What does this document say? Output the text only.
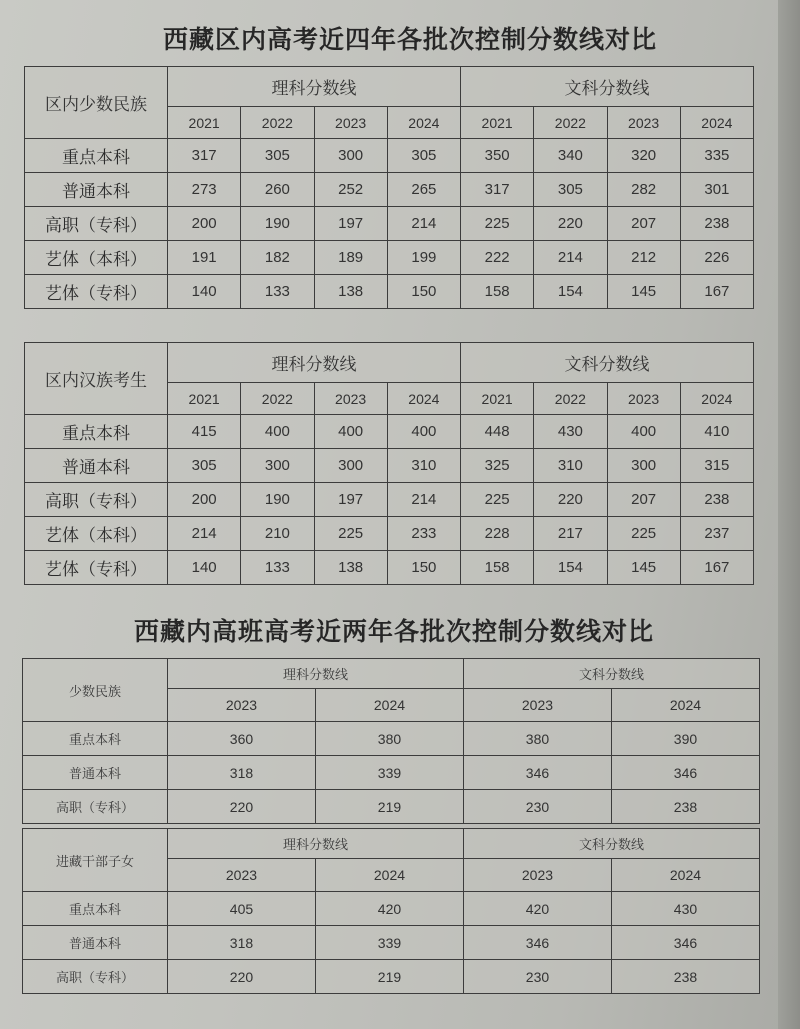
西藏区内高考近四年各批次控制分数线对比
区内少数民族	理科分数线				文科分数线			
	2021	2022	2023	2024	2021	2022	2023	2024
重点本科	317	305	300	305	350	340	320	335
普通本科	273	260	252	265	317	305	282	301
高职（专科）	200	190	197	214	225	220	207	238
艺体（本科）	191	182	189	199	222	214	212	226
艺体（专科）	140	133	138	150	158	154	145	167
区内汉族考生	理科分数线				文科分数线			
	2021	2022	2023	2024	2021	2022	2023	2024
重点本科	415	400	400	400	448	430	400	410
普通本科	305	300	300	310	325	310	300	315
高职（专科）	200	190	197	214	225	220	207	238
艺体（本科）	214	210	225	233	228	217	225	237
艺体（专科）	140	133	138	150	158	154	145	167
西藏内高班高考近两年各批次控制分数线对比
少数民族	理科分数线		文科分数线	
	2023	2024	2023	2024
重点本科	360	380	380	390
普通本科	318	339	346	346
高职（专科）	220	219	230	238
进藏干部子女	理科分数线		文科分数线	
	2023	2024	2023	2024
重点本科	405	420	420	430
普通本科	318	339	346	346
高职（专科）	220	219	230	238
